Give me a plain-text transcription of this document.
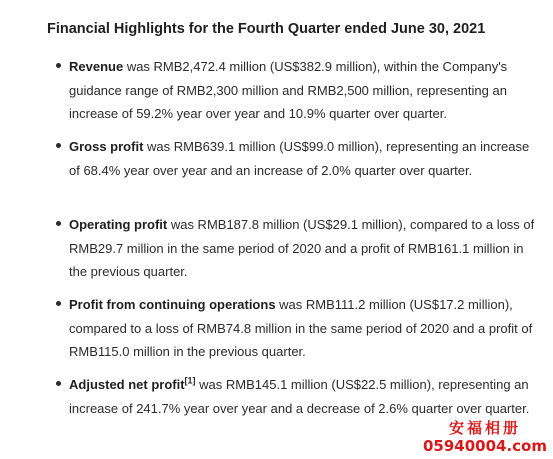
Financial Highlights for the Fourth Quarter ended June 30, 2021
Revenue was RMB2,472.4 million (US$382.9 million), within the Company's guidance range of RMB2,300 million and RMB2,500 million, representing an increase of 59.2% year over year and 10.9% quarter over quarter.
Gross profit was RMB639.1 million (US$99.0 million), representing an increase of 68.4% year over year and an increase of 2.0% quarter over quarter.
Operating profit was RMB187.8 million (US$29.1 million), compared to a loss of RMB29.7 million in the same period of 2020 and a profit of RMB161.1 million in the previous quarter.
Profit from continuing operations was RMB111.2 million (US$17.2 million), compared to a loss of RMB74.8 million in the same period of 2020 and a profit of RMB115.0 million in the previous quarter.
Adjusted net profit[1] was RMB145.1 million (US$22.5 million), representing an increase of 241.7% year over year and a decrease of 2.6% quarter over quarter.
安福相册
05940004.com
